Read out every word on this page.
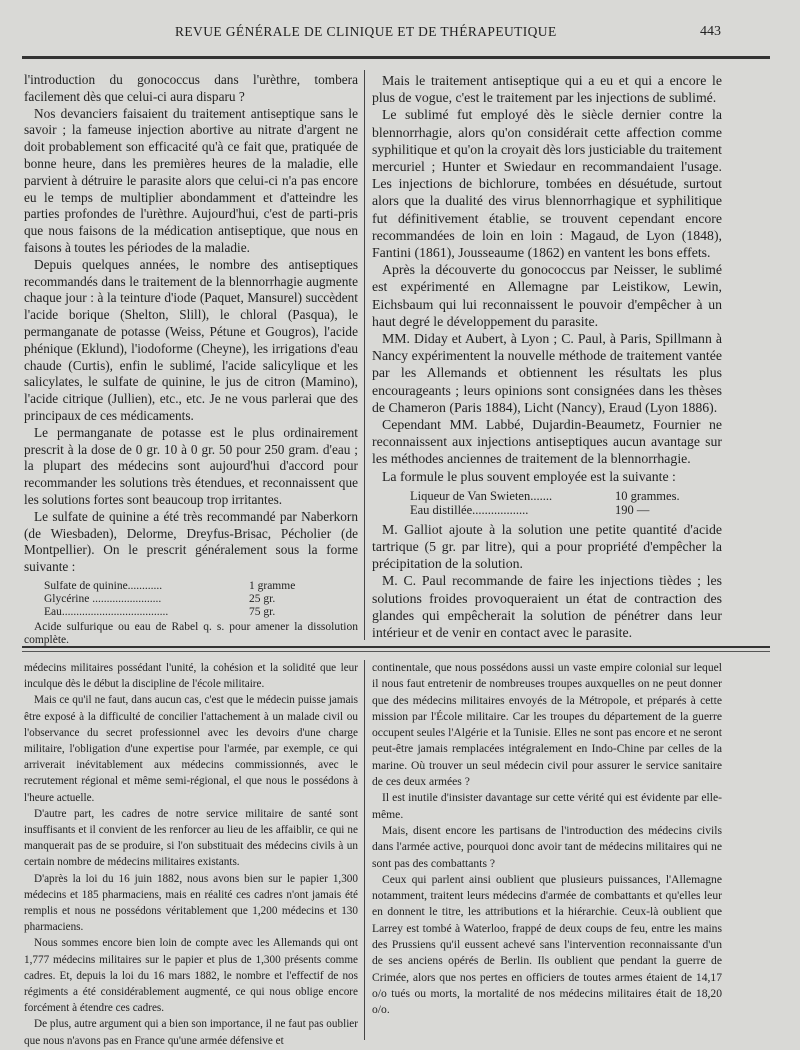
REVUE GÉNÉRALE DE CLINIQUE ET DE THÉRAPEUTIQUE	443

l'introduction du gonococcus dans l'urèthre, tombera facilement dès que celui-ci aura disparu ?

Nos devanciers faisaient du traitement antiseptique sans le savoir ; la fameuse injection abortive au nitrate d'argent ne doit probablement son efficacité qu'à ce fait que, pratiquée de bonne heure, dans les premières heures de la maladie, elle parvient à détruire le parasite alors que celui-ci n'a pas encore eu le temps de multiplier abondamment et d'atteindre les parties profondes de l'urèthre. Aujourd'hui, c'est de parti-pris que nous faisons de la médication antiseptique, que nous en faisons à toutes les périodes de la maladie.

Depuis quelques années, le nombre des antiseptiques recommandés dans le traitement de la blennorrhagie augmente chaque jour : à la teinture d'iode (Paquet, Mansurel) succèdent l'acide borique (Shelton, Slill), le chloral (Pasqua), le permanganate de potasse (Weiss, Pétune et Gougros), l'acide phénique (Eklund), l'iodoforme (Cheyne), les irrigations d'eau chaude (Curtis), enfin le sublimé, l'acide salicylique et les salicylates, le sulfate de quinine, le jus de citron (Mamino), l'acide citrique (Jullien), etc., etc. Je ne vous parlerai que des principaux de ces médicaments.

Le permanganate de potasse est le plus ordinairement prescrit à la dose de 0 gr. 10 à 0 gr. 50 pour 250 gram. d'eau ; la plupart des médecins sont aujourd'hui d'accord pour recommander les solutions très étendues, et reconnaissent que les solutions fortes sont beaucoup trop irritantes.

Le sulfate de quinine a été très recommandé par Naberkorn (de Wiesbaden), Delorme, Dreyfus-Brisac, Pécholier (de Montpellier). On le prescrit généralement sous la forme suivante :

Sulfate de quinine............	1 gramme
Glycérine ........................	25 gr.
Eau.....................................	75 gr.

Acide sulfurique ou eau de Rabel q. s. pour amener la dissolution complète.

Mais le traitement antiseptique qui a eu et qui a encore le plus de vogue, c'est le traitement par les injections de sublimé.

Le sublimé fut employé dès le siècle dernier contre la blennorrhagie, alors qu'on considérait cette affection comme syphilitique et qu'on la croyait dès lors justiciable du traitement mercuriel ; Hunter et Swiedaur en recommandaient l'usage. Les injections de bichlorure, tombées en désuétude, surtout alors que la dualité des virus blennorrhagique et syphilitique fut définitivement établie, se trouvent cependant encore recommandées de loin en loin : Magaud, de Lyon (1848), Fantini (1861), Jousseaume (1862) en vantent les bons effets.

Après la découverte du gonococcus par Neisser, le sublimé est expérimenté en Allemagne par Leistikow, Lewin, Eichsbaum qui lui reconnaissent le pouvoir d'empêcher à un haut degré le développement du parasite.

MM. Diday et Aubert, à Lyon ; C. Paul, à Paris, Spillmann à Nancy expérimentent la nouvelle méthode de traitement vantée par les Allemands et obtiennent les résultats les plus encourageants ; leurs opinions sont consignées dans les thèses de Chameron (Paris 1884), Licht (Nancy), Eraud (Lyon 1886).

Cependant MM. Labbé, Dujardin-Beaumetz, Fournier ne reconnaissent aux injections antiseptiques aucun avantage sur les méthodes anciennes de traitement de la blennorrhagie.

La formule le plus souvent employée est la suivante :

Liqueur de Van Swieten.......	10 grammes.
Eau distillée..................	190 —

M. Galliot ajoute à la solution une petite quantité d'acide tartrique (5 gr. par litre), qui a pour propriété d'empêcher la précipitation de la solution.

M. C. Paul recommande de faire les injections tièdes ; les solutions froides provoqueraient un état de contraction des glandes qui empêcherait la solution de pénétrer dans leur intérieur et de venir en contact avec le parasite.

médecins militaires possédant l'unité, la cohésion et la solidité que leur inculque dès le début la discipline de l'école militaire.

Mais ce qu'il ne faut, dans aucun cas, c'est que le médecin puisse jamais être exposé à la difficulté de concilier l'attachement à un malade civil ou l'observance du secret professionnel avec les devoirs d'une charge militaire, l'obligation d'une expertise pour l'armée, par exemple, ce qui arriverait inévitablement aux médecins commissionnés, avec le recrutement régional et même semi-régional, el que nous le possédons à l'heure actuelle.

D'autre part, les cadres de notre service militaire de santé sont insuffisants et il convient de les renforcer au lieu de les affaiblir, ce qui ne manquerait pas de se produire, si l'on substituait des médecins civils à un certain nombre de médecins militaires existants.

D'après la loi du 16 juin 1882, nous avons bien sur le papier 1,300 médecins et 185 pharmaciens, mais en réalité ces cadres n'ont jamais été remplis et nous ne possédons véritablement que 1,200 médecins et 130 pharmaciens.

Nous sommes encore bien loin de compte avec les Allemands qui ont 1,777 médecins militaires sur le papier et plus de 1,300 présents comme cadres. Et, depuis la loi du 16 mars 1882, le nombre et l'effectif de nos régiments a été considérablement augmenté, ce qui nous oblige encore forcément à étendre ces cadres.

De plus, autre argument qui a bien son importance, il ne faut pas oublier que nous n'avons pas en France qu'une armée défensive et

continentale, que nous possédons aussi un vaste empire colonial sur lequel il nous faut entretenir de nombreuses troupes auxquelles on ne peut donner que des médecins militaires envoyés de la Métropole, et préparés à cette mission par l'École militaire. Car les troupes du département de la guerre occupent seules l'Algérie et la Tunisie. Elles ne sont pas encore et ne seront peut-être jamais remplacées intégralement en Indo-Chine par celles de la marine. Où trouver un seul médecin civil pour assurer le service sanitaire de ces deux armées ?

Il est inutile d'insister davantage sur cette vérité qui est évidente par elle-même.

Mais, disent encore les partisans de l'introduction des médecins civils dans l'armée active, pourquoi donc avoir tant de médecins militaires qui ne sont pas des combattants ?

Ceux qui parlent ainsi oublient que plusieurs puissances, l'Allemagne notamment, traitent leurs médecins d'armée de combattants et qu'elles leur en donnent le titre, les attributions et la hiérarchie. Ceux-là oublient que Larrey est tombé à Waterloo, frappé de deux coups de feu, entre les mains des Prussiens qu'il eussent achevé sans l'intervention reconnaissante d'un de ses anciens opérés de Berlin. Ils oublient que pendant la guerre de Crimée, alors que nos pertes en officiers de toutes armes étaient de 14,17 o/o tués ou morts, la mortalité de nos médecins militaires était de 18,20 o/o.
